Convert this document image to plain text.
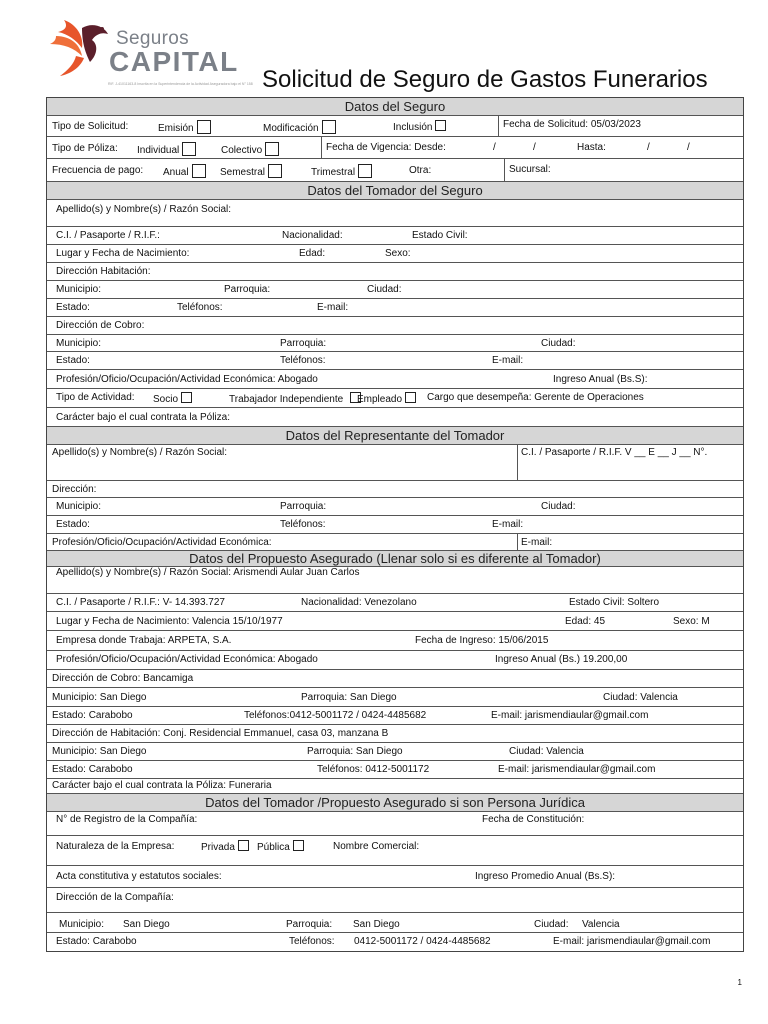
Seguros
CAPITAL
RIF. J-41011163-8 Inscrita en la Superintendencia de la Actividad Aseguradora bajo el N° 158 Solicitud de Seguro de Gastos Funerarios
Datos del Seguro
Tipo de Solicitud:	Emisión	Modificación	Inclusión	Fecha de Solicitud: 05/03/2023
Tipo de Póliza: Individual	Colectivo	Fecha de Vigencia: Desde:	/	/	Hasta:	/	/
Frecuencia de pago: Anual	Semestral	Trimestral	Otra:	Sucursal:
Datos del Tomador del Seguro
Apellido(s) y Nombre(s) / Razón Social:
C.I. / Pasaporte / R.I.F.:	Nacionalidad:	Estado Civil:
Lugar y Fecha de Nacimiento:	Edad:	Sexo:
Dirección Habitación:
Municipio:	Parroquia:	Ciudad:
Estado:	Teléfonos:	E-mail:
Dirección de Cobro:
Municipio:	Parroquia:	Ciudad:
Estado:	Teléfonos:	E-mail:
Profesión/Oficio/Ocupación/Actividad Económica: Abogado	Ingreso Anual (Bs.S):
Tipo de Actividad: Socio	Trabajador Independiente	Empleado	Cargo que desempeña: Gerente de Operaciones
Carácter bajo el cual contrata la Póliza:
Datos del Representante del Tomador
Apellido(s) y Nombre(s) / Razón Social:	C.I. / Pasaporte / R.I.F. V __ E __ J __ N°.
Dirección:
Municipio:	Parroquia:	Ciudad:
Estado:	Teléfonos:	E-mail:
Profesión/Oficio/Ocupación/Actividad Económica:	E-mail:
Datos del Propuesto Asegurado (Llenar solo si es diferente al Tomador)
Apellido(s) y Nombre(s) / Razón Social: Arismendi Aular Juan Carlos
C.I. / Pasaporte / R.I.F.: V- 14.393.727	Nacionalidad: Venezolano	Estado Civil: Soltero
Lugar y Fecha de Nacimiento: Valencia 15/10/1977	Edad: 45	Sexo: M
Empresa donde Trabaja: ARPETA, S.A.	Fecha de Ingreso: 15/06/2015
Profesión/Oficio/Ocupación/Actividad Económica: Abogado	Ingreso Anual (Bs.) 19.200,00
Dirección de Cobro: Bancamiga
Municipio: San Diego	Parroquia: San Diego	Ciudad: Valencia
Estado: Carabobo	Teléfonos:0412-5001172 / 0424-4485682	E-mail: jarismendiaular@gmail.com
Dirección de Habitación: Conj. Residencial Emmanuel, casa 03, manzana B
Municipio: San Diego	Parroquia: San Diego	Ciudad: Valencia
Estado: Carabobo	Teléfonos: 0412-5001172	E-mail: jarismendiaular@gmail.com
Carácter bajo el cual contrata la Póliza: Funeraria
Datos del Tomador /Propuesto Asegurado si son Persona Jurídica
N° de Registro de la Compañía:	Fecha de Constitución:
Naturaleza de la Empresa:	Privada	Pública	Nombre Comercial:
Acta constitutiva y estatutos sociales:	Ingreso Promedio Anual (Bs.S):
Dirección de la Compañía:
Municipio: San Diego	Parroquia: San Diego	Ciudad: Valencia
Estado: Carabobo	Teléfonos: 0412-5001172 / 0424-4485682	E-mail: jarismendiaular@gmail.com
1
